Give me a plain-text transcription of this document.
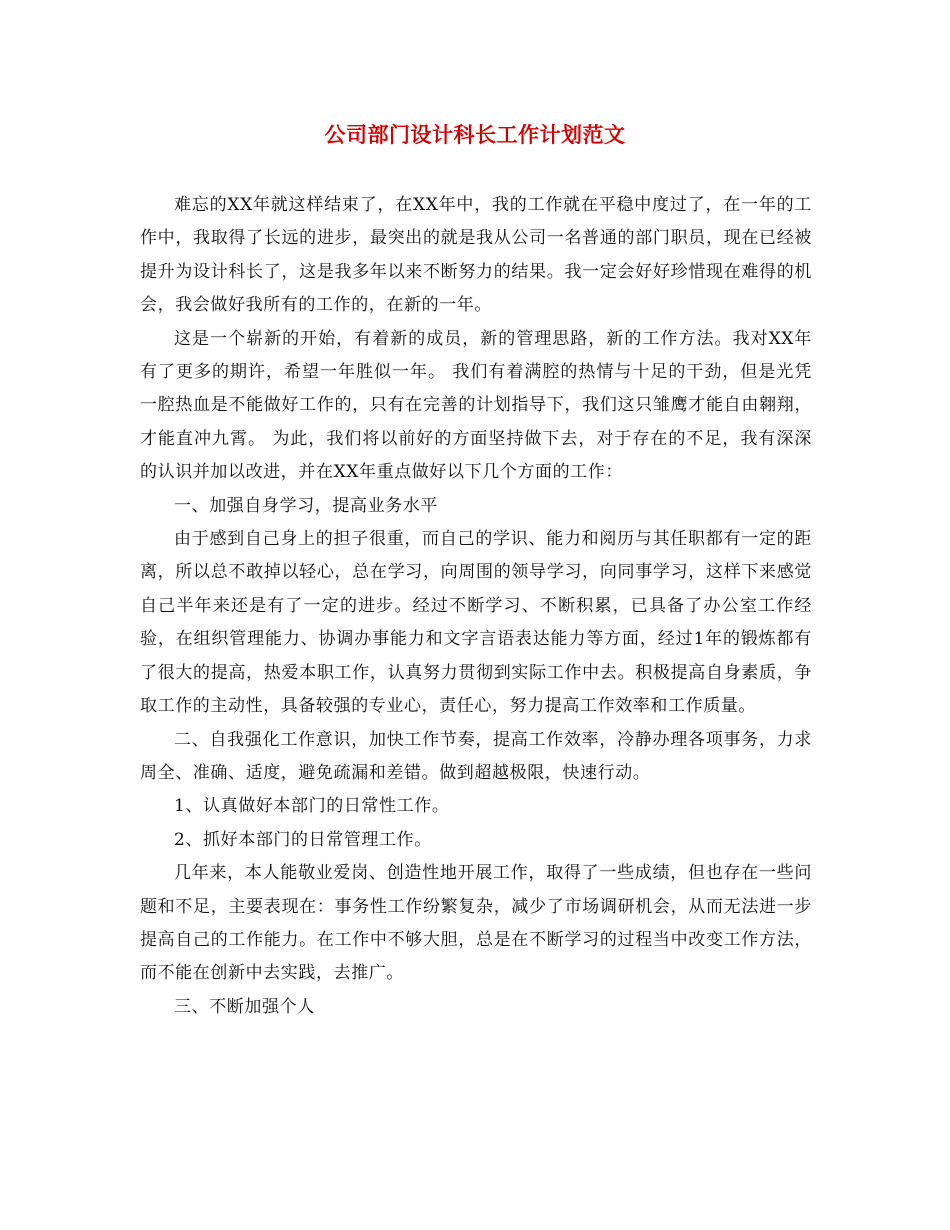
公司部门设计科长工作计划范文

难忘的XX年就这样结束了，在XX年中，我的工作就在平稳中度过了，在一年的工作中，我取得了长远的进步，最突出的就是我从公司一名普通的部门职员，现在已经被提升为设计科长了，这是我多年以来不断努力的结果。我一定会好好珍惜现在难得的机会，我会做好我所有的工作的，在新的一年。

这是一个崭新的开始，有着新的成员，新的管理思路，新的工作方法。我对XX年有了更多的期许，希望一年胜似一年。 我们有着满腔的热情与十足的干劲，但是光凭一腔热血是不能做好工作的，只有在完善的计划指导下，我们这只雏鹰才能自由翱翔，才能直冲九霄。 为此，我们将以前好的方面坚持做下去，对于存在的不足，我有深深的认识并加以改进，并在XX年重点做好以下几个方面的工作：

一、加强自身学习，提高业务水平

由于感到自己身上的担子很重，而自己的学识、能力和阅历与其任职都有一定的距离，所以总不敢掉以轻心，总在学习，向周围的领导学习，向同事学习，这样下来感觉自己半年来还是有了一定的进步。经过不断学习、不断积累，已具备了办公室工作经验，在组织管理能力、协调办事能力和文字言语表达能力等方面，经过1年的锻炼都有了很大的提高，热爱本职工作，认真努力贯彻到实际工作中去。积极提高自身素质，争取工作的主动性，具备较强的专业心，责任心，努力提高工作效率和工作质量。

二、自我强化工作意识，加快工作节奏，提高工作效率，冷静办理各项事务，力求周全、准确、适度，避免疏漏和差错。做到超越极限，快速行动。

1、认真做好本部门的日常性工作。

2、抓好本部门的日常管理工作。

几年来，本人能敬业爱岗、创造性地开展工作，取得了一些成绩，但也存在一些问题和不足，主要表现在：事务性工作纷繁复杂，减少了市场调研机会，从而无法进一步提高自己的工作能力。在工作中不够大胆，总是在不断学习的过程当中改变工作方法，而不能在创新中去实践，去推广。

三、不断加强个人
